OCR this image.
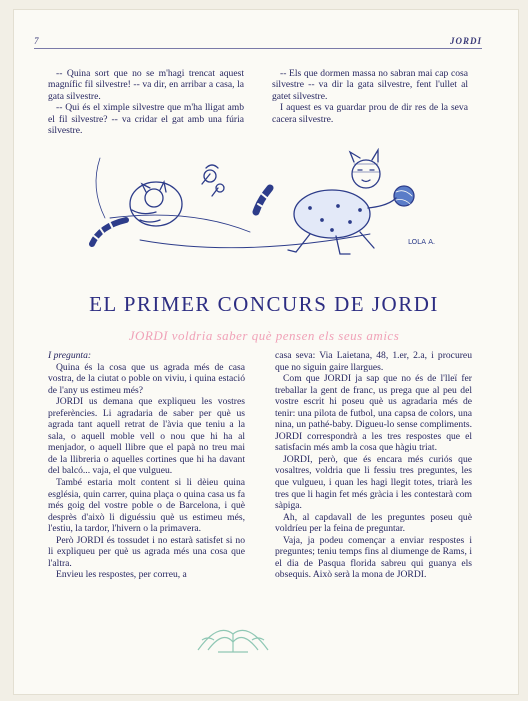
7	JORDI

-- Quina sort que no se m'hagi trencat aquest magnífic fil silvestre! -- va dir, en arribar a casa, la gata silvestre.

-- Qui és el ximple silvestre que m'ha lligat amb el fil silvestre? -- va cridar el gat amb una fúria silvestre.

-- Els que dormen massa no sabran mai cap cosa silvestre -- va dir la gata silvestre, fent l'ullet al gatet silvestre.

I aquest es va guardar prou de dir res de la seva cacera silvestre.

LOLA A.
EL PRIMER CONCURS DE JORDI
JORDI voldria saber què pensen els seus amics

I pregunta:

Quina és la cosa que us agrada més de casa vostra, de la ciutat o poble on viviu, i quina estació de l'any us estimeu més?

JORDI us demana que expliqueu les vostres preferències. Li agradaria de saber per què us agrada tant aquell retrat de l'àvia que teniu a la sala, o aquell moble vell o nou que hi ha al menjador, o aquell llibre que el papà no treu mai de la llibreria o aquelles cortines que hi ha davant del balcó... vaja, el que vulgueu.

També estaria molt content si li dèieu quina església, quin carrer, quina plaça o quina casa us fa més goig del vostre poble o de Barcelona, i què desprès d'això li diguéssiu què us estimeu més, l'estiu, la tardor, l'hivern o la primavera.

Però JORDI és tossudet i no estarà satisfet si no li expliqueu per què us agrada més una cosa que l'altra.

Envieu les respostes, per correu, a

casa seva: Via Laietana, 48, 1.er, 2.a, i procureu que no siguin gaire llargues.

Com que JORDI ja sap que no és de l'lleï fer treballar la gent de franc, us prega que al peu del vostre escrit hi poseu què us agradaria més de tenir: una pilota de futbol, una capsa de colors, una nina, un pathé-baby. Digueu-lo sense compliments. JORDI correspondrà a les tres respostes que el satisfacin més amb la cosa que hàgiu triat.

JORDI, però, que és encara més curiós que vosaltres, voldria que li fessiu tres preguntes, les que vulgueu, i quan les hagi llegit totes, triarà les tres que li hagin fet més gràcia i les contestarà com sàpiga.

Ah, al capdavall de les preguntes poseu què voldríeu per la feina de preguntar.

Vaja, ja podeu començar a enviar respostes i preguntes; teniu temps fins al diumenge de Rams, i el dia de Pasqua florida sabreu qui guanya els obsequis. Això serà la mona de JORDI.
